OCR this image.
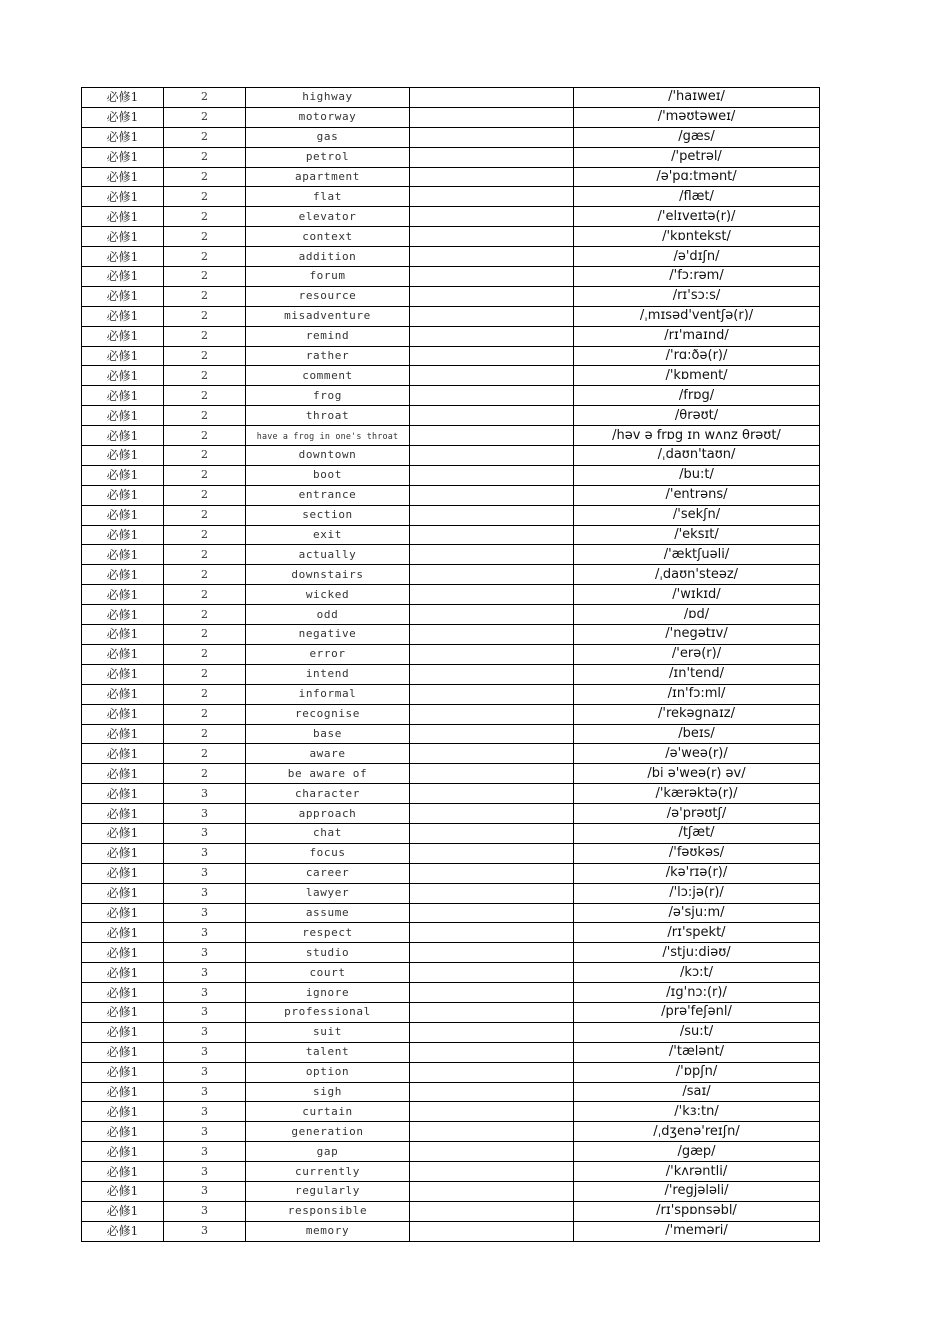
必修1	2	highway		/'haɪweɪ/
必修1	2	motorway		/'məʊtəweɪ/
必修1	2	gas		/gæs/
必修1	2	petrol		/'petrəl/
必修1	2	apartment		/ə'pɑ:tmənt/
必修1	2	flat		/flæt/
必修1	2	elevator		/'elɪveɪtə(r)/
必修1	2	context		/'kɒntekst/
必修1	2	addition		/ə'dɪʃn/
必修1	2	forum		/'fɔ:rəm/
必修1	2	resource		/rɪ'sɔ:s/
必修1	2	misadventure		/ˌmɪsəd'ventʃə(r)/
必修1	2	remind		/rɪ'maɪnd/
必修1	2	rather		/'rɑ:ðə(r)/
必修1	2	comment		/'kɒment/
必修1	2	frog		/frɒg/
必修1	2	throat		/θrəʊt/
必修1	2	have a frog in one's throat		/həv ə frɒg ɪn wʌnz θrəʊt/
必修1	2	downtown		/ˌdaʊn'taʊn/
必修1	2	boot		/bu:t/
必修1	2	entrance		/'entrəns/
必修1	2	section		/'sekʃn/
必修1	2	exit		/'eksɪt/
必修1	2	actually		/'æktʃuəli/
必修1	2	downstairs		/ˌdaʊn'steəz/
必修1	2	wicked		/'wɪkɪd/
必修1	2	odd		/ɒd/
必修1	2	negative		/'negətɪv/
必修1	2	error		/'erə(r)/
必修1	2	intend		/ɪn'tend/
必修1	2	informal		/ɪn'fɔ:ml/
必修1	2	recognise		/'rekəgnaɪz/
必修1	2	base		/beɪs/
必修1	2	aware		/ə'weə(r)/
必修1	2	be aware of		/bi ə'weə(r) əv/
必修1	3	character		/'kærəktə(r)/
必修1	3	approach		/ə'prəʊtʃ/
必修1	3	chat		/tʃæt/
必修1	3	focus		/'fəʊkəs/
必修1	3	career		/kə'rɪə(r)/
必修1	3	lawyer		/'lɔ:jə(r)/
必修1	3	assume		/ə'sju:m/
必修1	3	respect		/rɪ'spekt/
必修1	3	studio		/'stju:diəʊ/
必修1	3	court		/kɔ:t/
必修1	3	ignore		/ɪg'nɔ:(r)/
必修1	3	professional		/prə'feʃənl/
必修1	3	suit		/su:t/
必修1	3	talent		/'tælənt/
必修1	3	option		/'ɒpʃn/
必修1	3	sigh		/saɪ/
必修1	3	curtain		/'kɜ:tn/
必修1	3	generation		/ˌdʒenə'reɪʃn/
必修1	3	gap		/gæp/
必修1	3	currently		/'kʌrəntli/
必修1	3	regularly		/'regjələli/
必修1	3	responsible		/rɪ'spɒnsəbl/
必修1	3	memory		/'meməri/
